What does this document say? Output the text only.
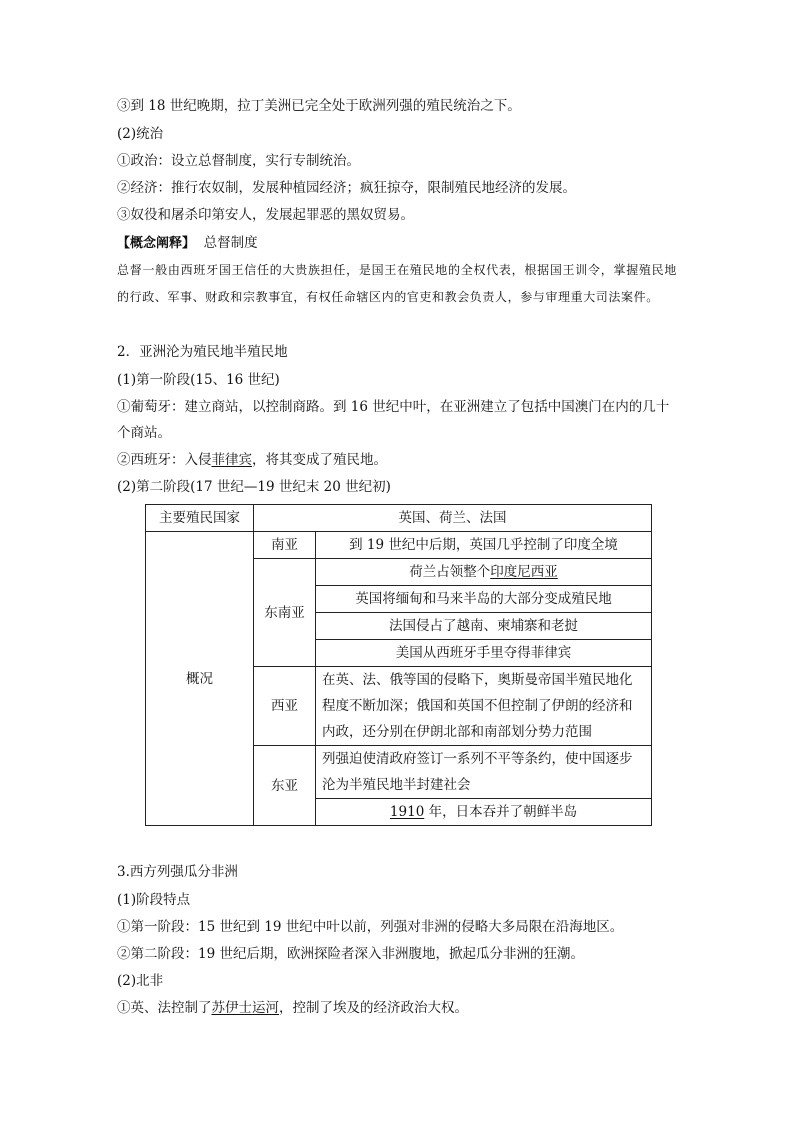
③到 18 世纪晚期，拉丁美洲已完全处于欧洲列强的殖民统治之下。
(2)统治
①政治：设立总督制度，实行专制统治。
②经济：推行农奴制，发展种植园经济；疯狂掠夺，限制殖民地经济的发展。
③奴役和屠杀印第安人，发展起罪恶的黑奴贸易。
【概念阐释】 总督制度
总督一般由西班牙国王信任的大贵族担任，是国王在殖民地的全权代表，根据国王训令，掌握殖民地的行政、军事、财政和宗教事宜，有权任命辖区内的官吏和教会负责人，参与审理重大司法案件。
2．亚洲沦为殖民地半殖民地
(1)第一阶段(15、16 世纪)
①葡萄牙：建立商站，以控制商路。到 16 世纪中叶，在亚洲建立了包括中国澳门在内的几十
个商站。
②西班牙：入侵菲律宾，将其变成了殖民地。
(2)第二阶段(17 世纪—19 世纪末 20 世纪初)
主要殖民国家	英国、荷兰、法国	
概况	南亚	到 19 世纪中后期，英国几乎控制了印度全境
	东南亚	荷兰占领整个印度尼西亚
		英国将缅甸和马来半岛的大部分变成殖民地
		法国侵占了越南、柬埔寨和老挝
		美国从西班牙手里夺得菲律宾
	西亚	在英、法、俄等国的侵略下，奥斯曼帝国半殖民地化程度不断加深；俄国和英国不但控制了伊朗的经济和内政，还分别在伊朗北部和南部划分势力范围
	东亚	列强迫使清政府签订一系列不平等条约，使中国逐步沦为半殖民地半封建社会
		1910 年，日本吞并了朝鲜半岛
3.西方列强瓜分非洲
(1)阶段特点
①第一阶段：15 世纪到 19 世纪中叶以前，列强对非洲的侵略大多局限在沿海地区。
②第二阶段：19 世纪后期，欧洲探险者深入非洲腹地，掀起瓜分非洲的狂潮。
(2)北非
①英、法控制了苏伊士运河，控制了埃及的经济政治大权。
